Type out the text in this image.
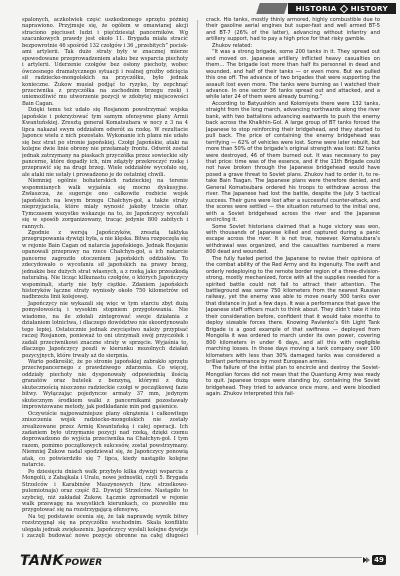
HISTORIA HISTORY

spalonych, aczkolwiek część uszkodzonego sprzętu później naprawiono. Przyjmuje się, że ogółem w omawianej akcji straciono pięciuset ludzi i pięćdziesiąt pancerników. Wg szacunkowych prawdy jest około 11. Brygada miała stracić bezpowrotnie 46 spośród 132 czołgów i 36 „przebitych” pociskami artylerii. Tak duże straty były w znacznej mierze spowodowane przeprowadzeniem ataku bez wsparcia piechoty i artylerii. Uderzenie czołgów bez osłony piechoty, wobec ówczesnego dramatycznego sytuacji i realnej groźby odcięcia sił radziecko-mongolskich na przyczółku, było jednak konieczne. Żukow musiał podjąć to ryzyko, by zepchnąć przeciwnika z przyczółka na zachodnim brzegu rzeki i uniemożliwić mu utworzenie pozycji w zdobytej miejscowości Bain Cagan.

Dzięki temu też udało się Rosjanom powstrzymać wojska japońskie i pokrzyżować tym samym ofensywne plany Armii Kwantuńskiej. Zresztą generał Komatsubara w nocy z 3 na 4 lipca nakazał swym oddziałom odwrót za rzekę. W rezultacie Japonce wielu z nich pozostało. Wykonanie ich planu nie udało się bez strat po stronie japońskiej. Czołgi Japońskie, ataki na kolejne dwie linie obrony nie przełamały frontu. Odwrót został jednak zatrzymany na piaskach przyczółka przez sowieckie siły pancerne, które dopadły ich, nim zdążyły przekroczyć rzekę i przeprawić się na drugi brzeg. Wiele oddziałów wycofało się, ale ataki nie ustały i prowadzono je do ostatniej chwili.

Niemniej ogólnie bohaterskich radzieckiej na terenie wspomnianych walk wyjaśnia się mocno dyskusyjne. Zwłaszcza, że sugeruje ono całkowite rozbicie wojsk japońskich na lewym brzegu Chałchyn-goł, a także straty nieprzyjaciela, które miały wynosić jakoby trzecie ofiar. Tymczasem wszystko wskazuje na to, że Japończycy wycofali się w sposób zorganizowany, tracąc jedynie 800 zabitych i rannych.

Zgodnie z wersją Japończyków, zresztą taktyka przegrupowania dywizji była, a nie klęska. Bitwa rozpoczęła się w rejonie Bain Cagan od natarcia japońskiego. Jednak Rosjanie opanowali przeprawy na rzece Chałchyn-goł, a ich natarcie pancerne zagroziło otoczeniem japońskich oddziałów. To zdecydowało o wycofaniu sił japońskich na prawy brzeg, jednakże bez dużych strat własnych, a z rzeką jako przeszkodą naturalną. Nie licząc kilkunastu czołgów, o których Japończycy wspominali, starty nie były ciężkie. Zdaniem japońskich historyków łączne straty wyniosły około 750 kilometrów od nadbrzeża linii kolejowej.

Japończycy nie wykazali się więc w tym starciu zbyt dużą pomysłowością i wysokim stopniem przygotowania. Nie wiadomo, na ile zdołali zintegrować swoje działania z działaniem lotnictwa, i dlaczego dowództwo nie skoordynowało tego lepiej. Ostatecznie jednak zwycięstwo należy przypisać raczej Rosjanom, ponieważ to oni utrzymali swój przyczółek i zadali przeciwnikowi znaczne straty w sprzęcie. Wyjaśnia to, dlaczego Japończycy poszli w kierunku mozolnych działań pozycyjnych, które trwały aż do sierpnia.

Warto podkreślić, że po stronie japońskiej zabrakło sprzętu przeciwpancernego z prawdziwego zdarzenia. Co więcej, oddziały piechoty nie dysponowały odpowiednią ilością granatów oraz butelek z benzyną, którymi z dużą skutecznością niszczono radzieckie czołgi w początkowej fazie bitwy. Wyłączając pojedyncze armaty 37 mm, jedynym skutecznym środkiem walki z pancernikami pozostawały improwizowane metody, jak podkładanie min pod gąsienice.

Oczywiście najpoważniejsze plany okrążenia i całkowitego zniszczenia wojsk radziecko-mongolskich nie zostały zrealizowane przez Armię Kwantuńską i całej operacji. Ich zadaniem było utrzymanie pozycji nad rzeką, dzięki czemu doprowadzono do wyjścia przeciwnika na Chałchyn-goł. I tym razem, pomimo początkowych sukcesów, został powstrzymany. Niemniej Żukow nadal spodziewał się, że Japończycy ponowią atak, co potwierdziło się 7 lipca, kiedy nastąpiło kolejne natarcie.

Po dziesięciu dniach walk przybyło kilka dywizji wsparcia z Mongolii, z Zabajkala i Uralu, nowe jednostki, czyli 5. Brygada Strzelców i Karabinów Maszynowych (tzw. strzelkowo-pulemiotnaja) oraz część 82. Dywizji Strzelców. Nastąpiło to szybciej, niż zakładał Żukow. Łącznie zgromadził w rejonie walk przewagę na wszystkich kierunkach, co pozwoliło mu przygotować się na rozstrzygającą ofensywę.

Na tej podstawie ocenia się, że tak naprawdę wynik bitwy rozstrzygnął się na przyczółku wschodnim. Skala konfliktu ulegała jednak zwiększeniu. Japończycy wysłali kolejne dywizje i zaczęli budować nowe pozycje obronne na całej długości

crack. His tanks, mostly thinly armored, highly combustible due to their gasoline aerial engines but super-fast and well armed BT-5 and BT-7 (26% of the latter), advancing without infantry and artillery support, had to pay a high price for that risky gamble.

Zhukov related:

“It was a strong brigade, some 200 tanks in it. They spread out and moved on. Japanese artillery inflicted heavy casualties on them… The brigade lost more than half its personnel in dead and wounded, and half of their tanks — or even more. But we pulled this one off. The advance of two brigades that were supporting the assault lost even more. The tanks were burning as I watched their advance. In one sector 36 tanks spread out and attacked, and a while later 24 of them were already burning.”

According to Batyushkin and Kolomiyets there were 132 tanks, straight from the long march, advancing northwards along the river bank, with two battalions advancing eastwards to push the enemy back across the Khalkhin-Gol. A large group of BT tanks forced the Japanese to stop reinforcing their bridgehead, and they started to pull back. The price of containing the enemy bridgehead was terrifying — 62% of vehicles were lost. Some were later rebuilt, but more than 50% of the brigade’s original strength was lost: 82 tanks were destroyed, 46 of them burned out. It was necessary to pay that price: time was of the essence, and if the 11th Brigade could not have broken through the Japanese bridgehead would have posed a grave threat to Soviet plans. Zhukov had to order it, to re-take Bain Tsagan. The Japanese plans were therefore denied, and General Komatsubara ordered his troops to withdraw across the river. The Japanese had lost the battle, despite the July 3 tactical success. Their guns were lost after a successful counter-attack, and the scores were settled — the situation returned to the initial one, with a Soviet bridgehead across the river and the Japanese encircling it.

Some Soviet historians claimed that a huge victory was won, with thousands of Japanese killed and captured during a panic escape across the river. It is not true, however. Komatsubara’s withdrawal was organized, and the casualties numbered a mere 800 dead and wounded.

The fully fueled period the Japanese to revise their opinions of the combat ability of the Red Army and its ingenuity. The swift and orderly redeploying to the remote border region of a three-division-strong, mostly mechanized, force with all the supplies needed for a spirited battle could not fail to attract their attention. The battleground was some 750 kilometers from the nearest Russian railway, yet the enemy was able to move nearly 300 tanks over that distance in just a few days. It was a performance that gave the Japanese staff officers much to think about. They didn’t take it into their consideration before, confident that it would take months to deploy sizeable forces there. Knowing Pavlenko’s 6th Light Tank Brigade is a good example of that swiftness — deployed from Mongolia it was ordered to march under its own power, covering 800 kilometers in under 6 days, and all this with negligible marching losses. In those days moving a tank company over 100 kilometers with less than 30% damaged tanks was considered a brilliant performance by most European armies.

The failure of the initial plan to encircle and destroy the Soviet-Mongolian forces did not mean that the Quantung Army was ready to quit. Japanese troops were standing by, containing the Soviet bridgehead. They tried to advance once more, and were bloodied again. Zhukov interpreted this fail-

TANK POWER	49
